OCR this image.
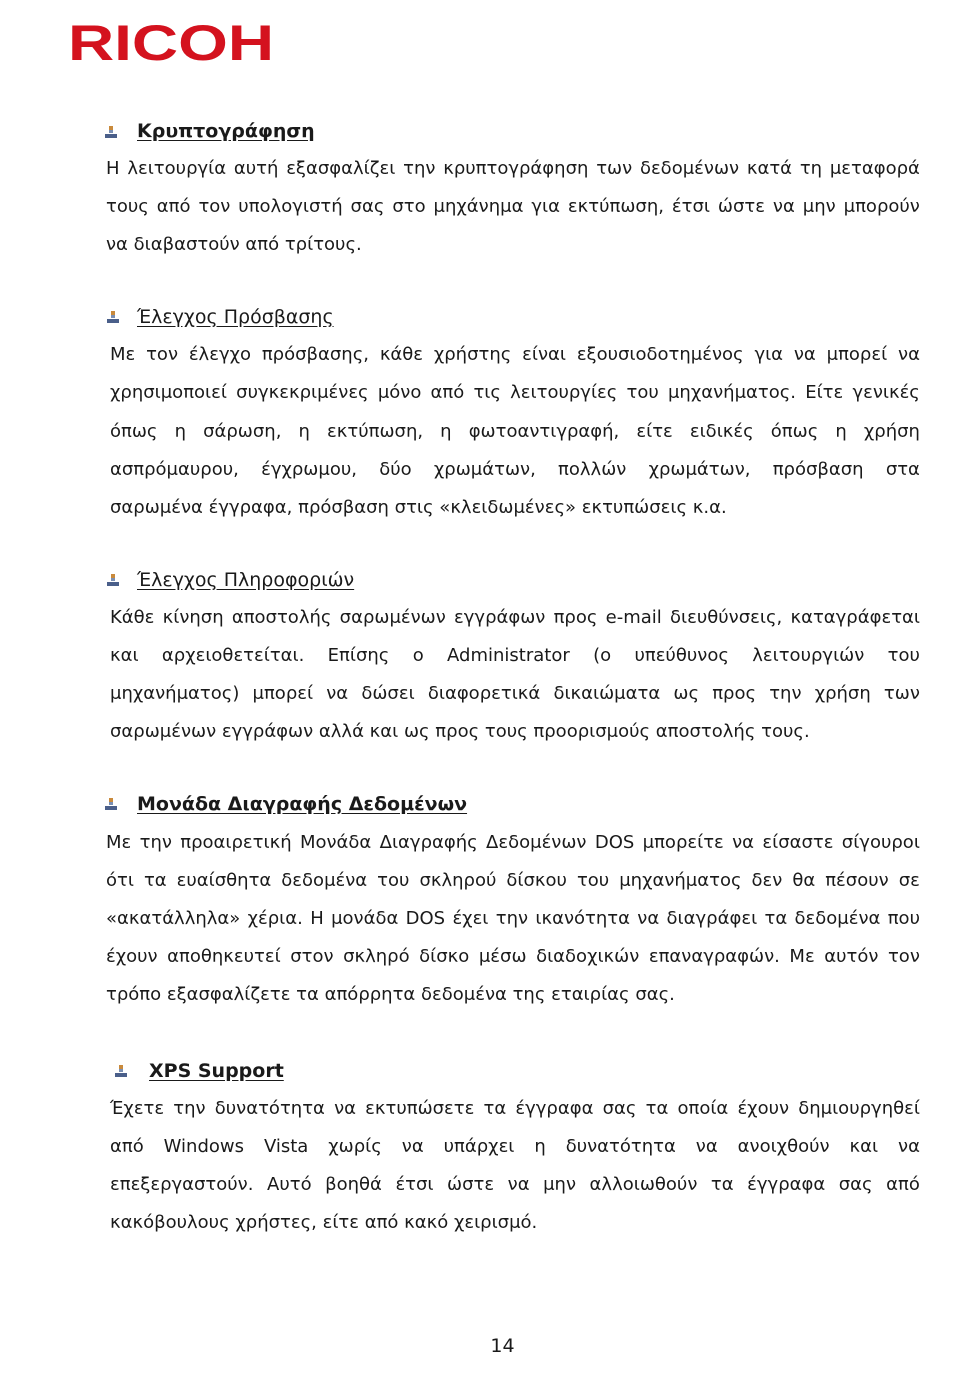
RICOH
Κρυπτογράφηση
Η λειτουργία αυτή εξασφαλίζει την κρυπτογράφηση των δεδομένων κατά τη μεταφορά
τους από τον υπολογιστή σας στο μηχάνημα για εκτύπωση, έτσι ώστε να μην μπορούν
να διαβαστούν από τρίτους.
Έλεγχος Πρόσβασης
Με τον έλεγχο πρόσβασης, κάθε χρήστης είναι εξουσιοδοτημένος για να μπορεί να
χρησιμοποιεί συγκεκριμένες μόνο από τις λειτουργίες του μηχανήματος. Είτε γενικές
όπως η σάρωση, η εκτύπωση, η φωτοαντιγραφή, είτε ειδικές όπως η χρήση
ασπρόμαυρου, έγχρωμου, δύο χρωμάτων, πολλών χρωμάτων, πρόσβαση στα
σαρωμένα έγγραφα, πρόσβαση στις «κλειδωμένες» εκτυπώσεις κ.α.
Έλεγχος Πληροφοριών
Κάθε κίνηση αποστολής σαρωμένων εγγράφων προς e-mail διευθύνσεις, καταγράφεται
και αρχειοθετείται. Επίσης ο Administrator (ο υπεύθυνος λειτουργιών του
μηχανήματος) μπορεί να δώσει διαφορετικά δικαιώματα ως προς την χρήση των
σαρωμένων εγγράφων αλλά και ως προς τους προορισμούς αποστολής τους.
Μονάδα Διαγραφής Δεδομένων
Με την προαιρετική Μονάδα Διαγραφής Δεδομένων DOS μπορείτε να είσαστε σίγουροι
ότι τα ευαίσθητα δεδομένα του σκληρού δίσκου του μηχανήματος δεν θα πέσουν σε
«ακατάλληλα» χέρια. Η μονάδα DOS έχει την ικανότητα να διαγράφει τα δεδομένα που
έχουν αποθηκευτεί στον σκληρό δίσκο μέσω διαδοχικών επαναγραφών. Με αυτόν τον
τρόπο εξασφαλίζετε τα απόρρητα δεδομένα της εταιρίας σας.
XPS Support
Έχετε την δυνατότητα να εκτυπώσετε τα έγγραφα σας τα οποία έχουν δημιουργηθεί
από Windows Vista χωρίς να υπάρχει η δυνατότητα να ανοιχθούν και να
επεξεργαστούν. Αυτό βοηθά έτσι ώστε να μην αλλοιωθούν τα έγγραφα σας από
κακόβουλους χρήστες, είτε από κακό χειρισμό.
14
